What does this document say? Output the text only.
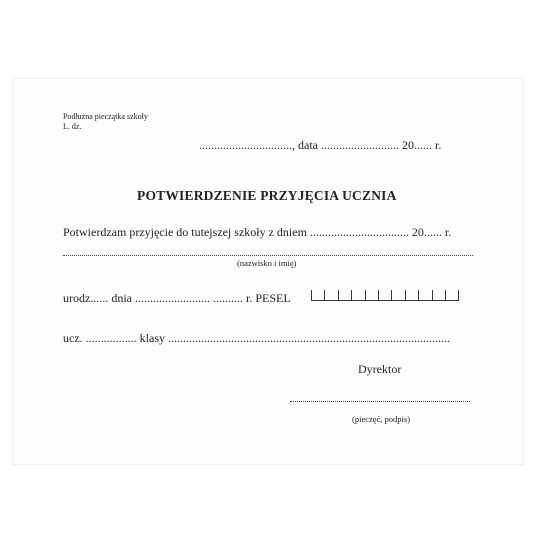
Podłużna pieczątka szkoły
L. dz.
..............................., data .......................... 20...... r.
POTWIERDZENIE PRZYJĘCIA UCZNIA
Potwierdzam przyjęcie do tutejszej szkoły z dniem ................................. 20...... r.
(nazwisko i imię)
urodz...... dnia ......................... .......... r. PESEL
ucz. ................. klasy ..............................................................................................
Dyrektor
(pieczęć, podpis)
